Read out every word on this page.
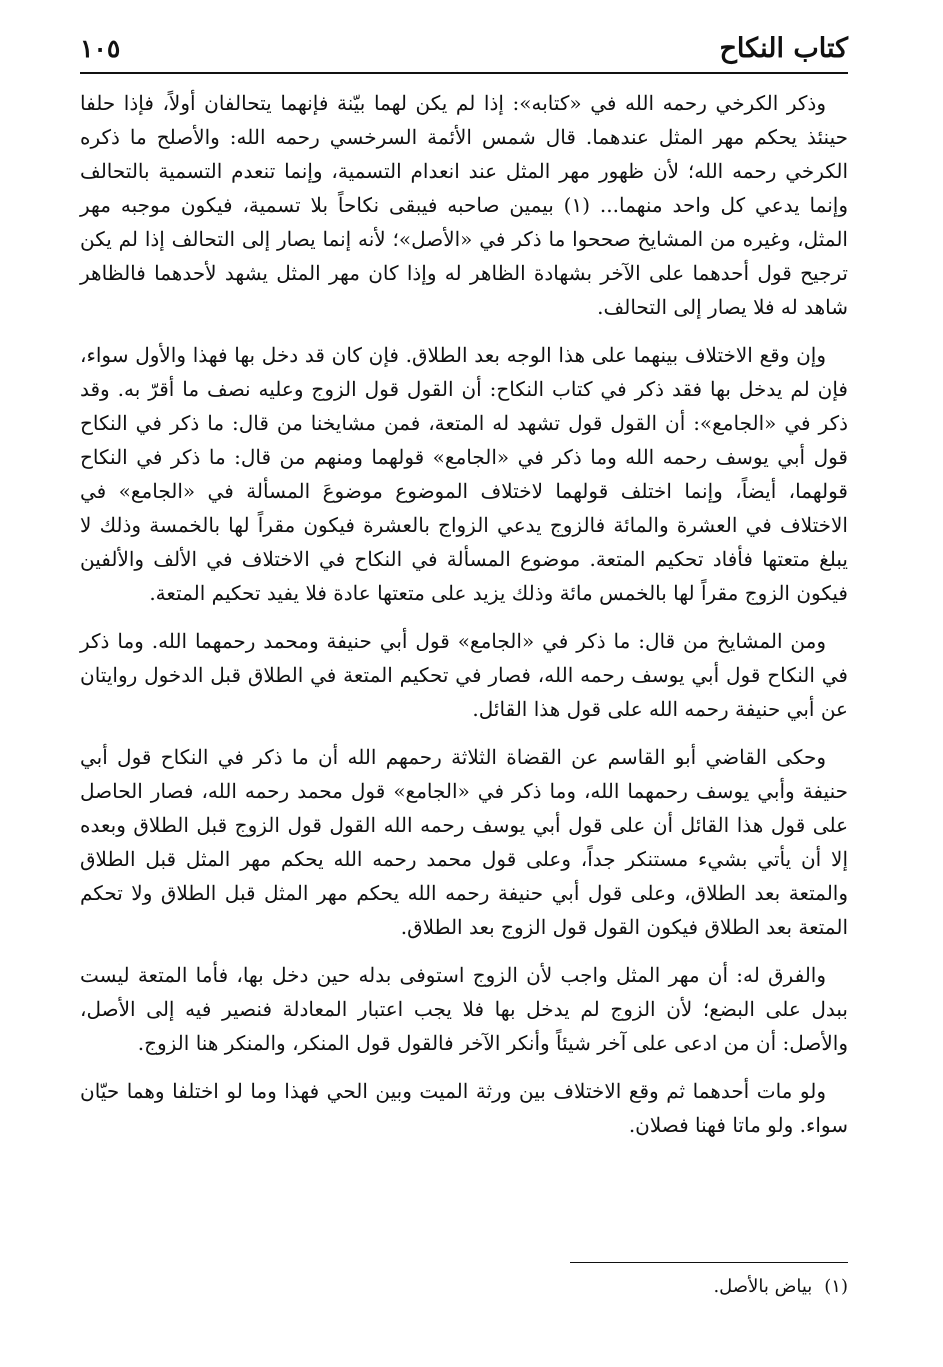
كتاب النكاح
١٠٥

وذكر الكرخي رحمه الله في «كتابه»: إذا لم يكن لهما بيّنة فإنهما يتحالفان أولاً، فإذا حلفا حينئذ يحكم مهر المثل عندهما. قال شمس الأئمة السرخسي رحمه الله: والأصلح ما ذكره الكرخي رحمه الله؛ لأن ظهور مهر المثل عند انعدام التسمية، وإنما تنعدم التسمية بالتحالف وإنما يدعي كل واحد منهما... (١) بيمين صاحبه فيبقى نكاحاً بلا تسمية، فيكون موجبه مهر المثل، وغيره من المشايخ صححوا ما ذكر في «الأصل»؛ لأنه إنما يصار إلى التحالف إذا لم يكن ترجيح قول أحدهما على الآخر بشهادة الظاهر له وإذا كان مهر المثل يشهد لأحدهما فالظاهر شاهد له فلا يصار إلى التحالف.

وإن وقع الاختلاف بينهما على هذا الوجه بعد الطلاق. فإن كان قد دخل بها فهذا والأول سواء، فإن لم يدخل بها فقد ذكر في كتاب النكاح: أن القول قول الزوج وعليه نصف ما أقرّ به. وقد ذكر في «الجامع»: أن القول قول تشهد له المتعة، فمن مشايخنا من قال: ما ذكر في النكاح قول أبي يوسف رحمه الله وما ذكر في «الجامع» قولهما ومنهم من قال: ما ذكر في النكاح قولهما، أيضاً، وإنما اختلف قولهما لاختلاف الموضوع موضوعَ المسألة في «الجامع» في الاختلاف في العشرة والمائة فالزوج يدعي الزواج بالعشرة فيكون مقراً لها بالخمسة وذلك لا يبلغ متعتها فأفاد تحكيم المتعة. موضوع المسألة في النكاح في الاختلاف في الألف والألفين فيكون الزوج مقراً لها بالخمس مائة وذلك يزيد على متعتها عادة فلا يفيد تحكيم المتعة.

ومن المشايخ من قال: ما ذكر في «الجامع» قول أبي حنيفة ومحمد رحمهما الله. وما ذكر في النكاح قول أبي يوسف رحمه الله، فصار في تحكيم المتعة في الطلاق قبل الدخول روايتان عن أبي حنيفة رحمه الله على قول هذا القائل.

وحكى القاضي أبو القاسم عن القضاة الثلاثة رحمهم الله أن ما ذكر في النكاح قول أبي حنيفة وأبي يوسف رحمهما الله، وما ذكر في «الجامع» قول محمد رحمه الله، فصار الحاصل على قول هذا القائل أن على قول أبي يوسف رحمه الله القول قول الزوج قبل الطلاق وبعده إلا أن يأتي بشيء مستنكر جداً، وعلى قول محمد رحمه الله يحكم مهر المثل قبل الطلاق والمتعة بعد الطلاق، وعلى قول أبي حنيفة رحمه الله يحكم مهر المثل قبل الطلاق ولا تحكم المتعة بعد الطلاق فيكون القول قول الزوج بعد الطلاق.

والفرق له: أن مهر المثل واجب لأن الزوج استوفى بدله حين دخل بها، فأما المتعة ليست ببدل على البضع؛ لأن الزوج لم يدخل بها فلا يجب اعتبار المعادلة فنصير فيه إلى الأصل، والأصل: أن من ادعى على آخر شيئاً وأنكر الآخر فالقول قول المنكر، والمنكر هنا الزوج.

ولو مات أحدهما ثم وقع الاختلاف بين ورثة الميت وبين الحي فهذا وما لو اختلفا وهما حيّان سواء. ولو ماتا فهنا فصلان.

(١)بياض بالأصل.
